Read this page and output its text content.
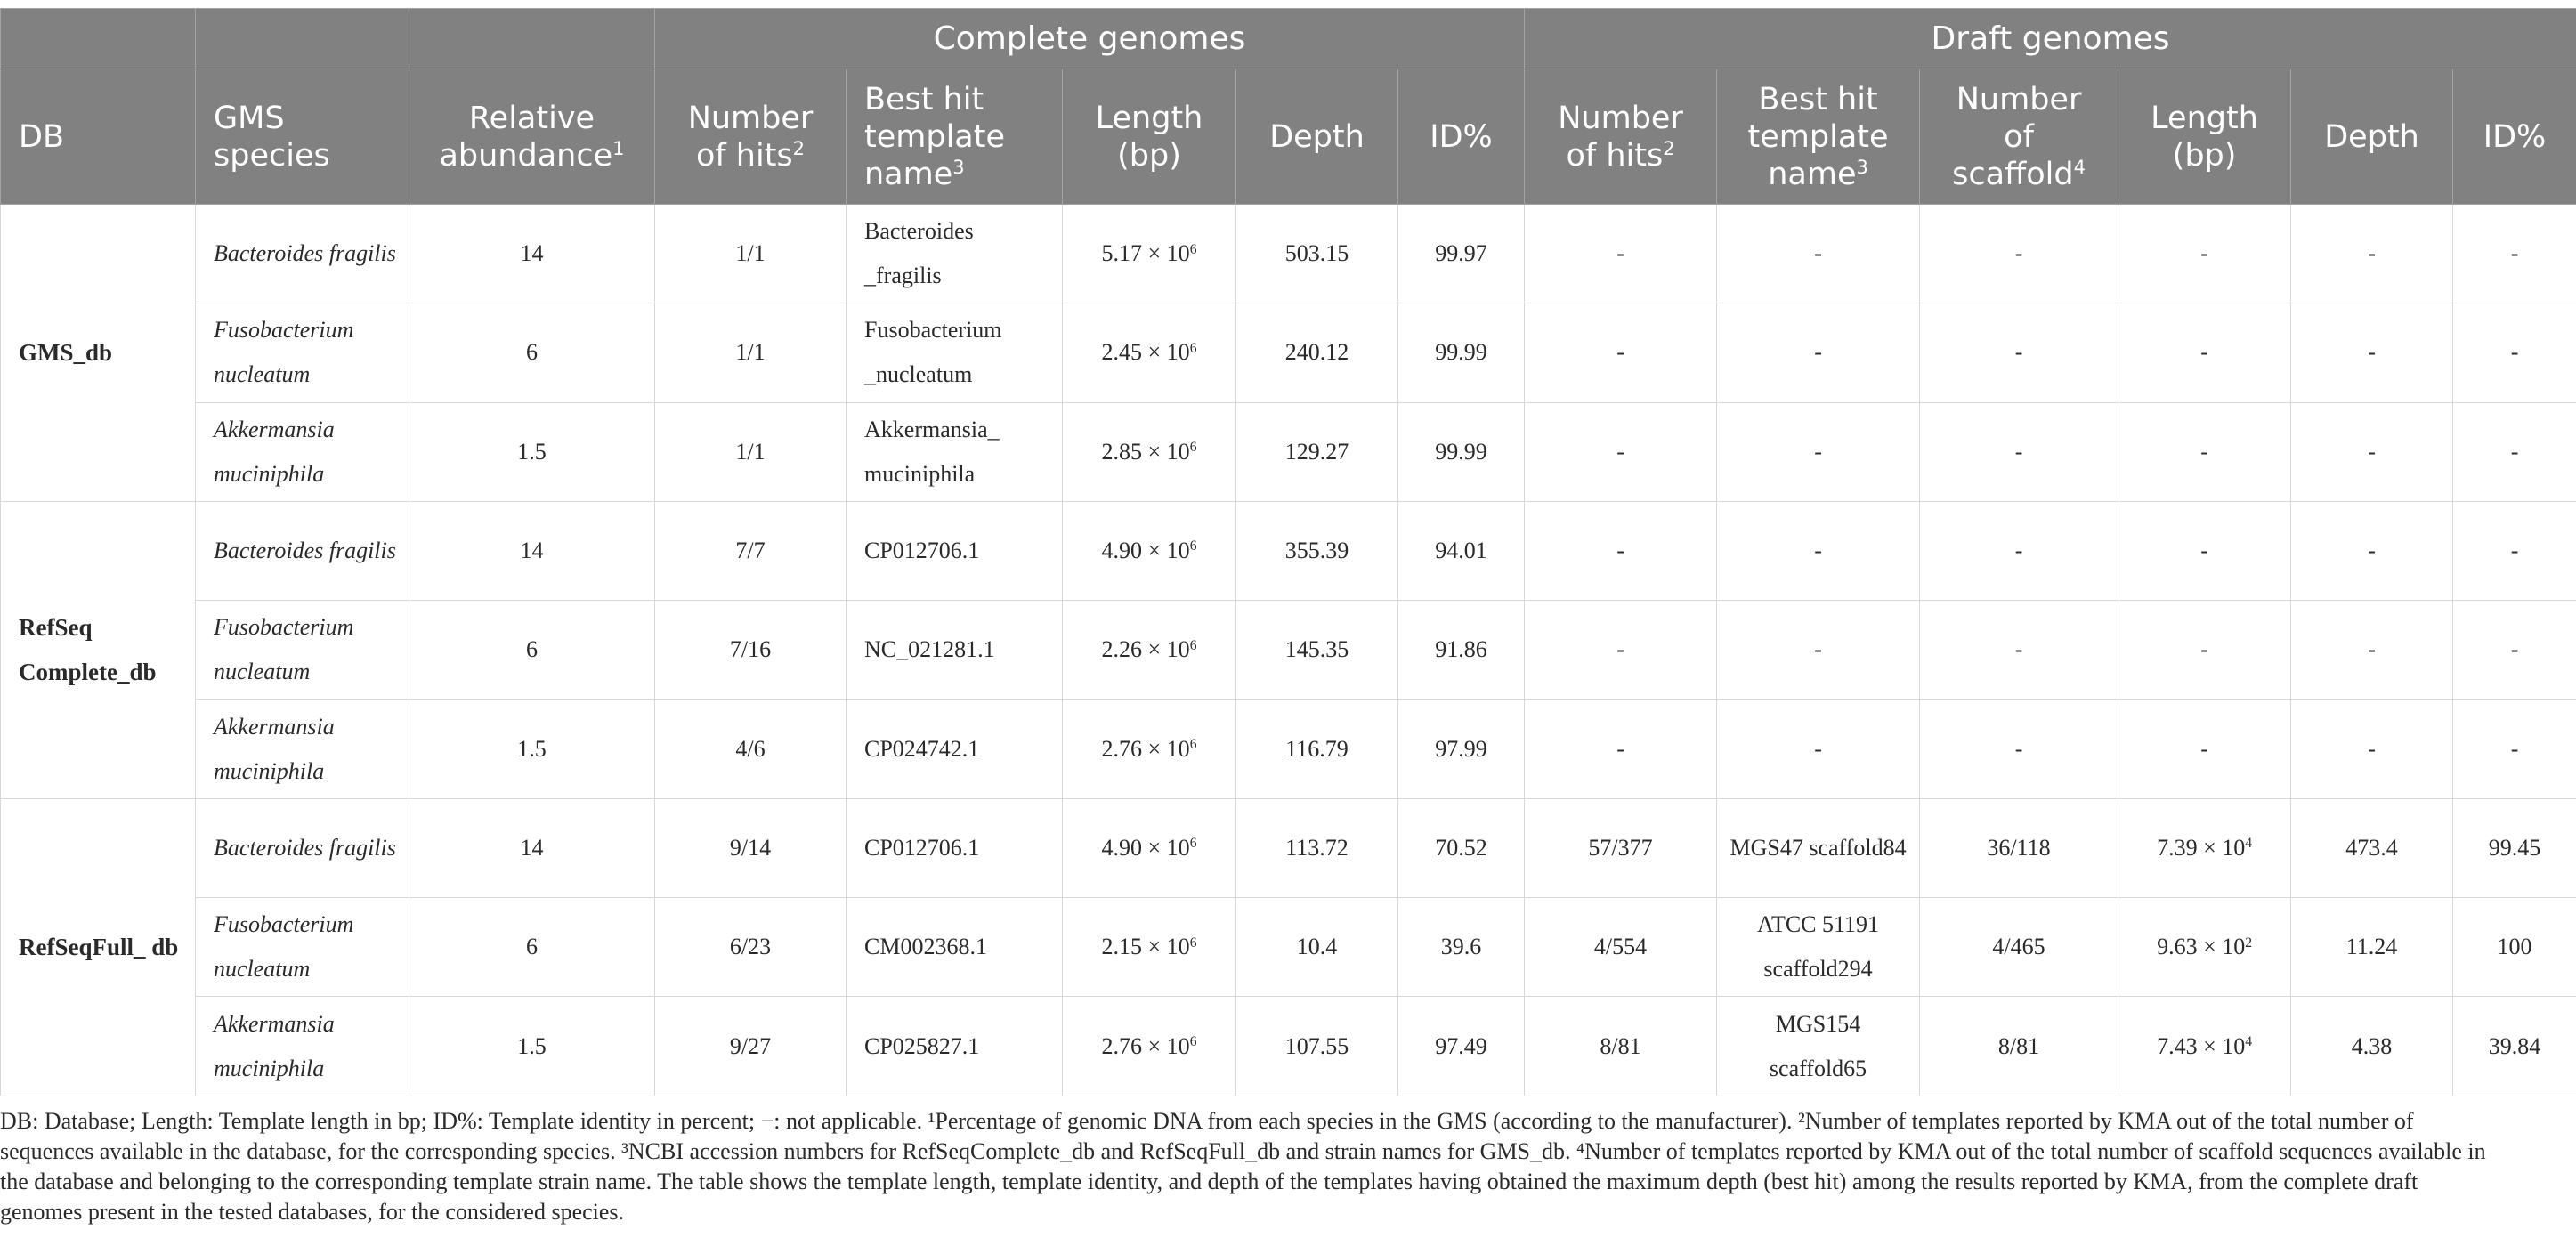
			Complete genomes					Draft genomes					
DB	GMS species	Relative abundance$^1$	Number of hits$^2$	Best hit template name$^3$	Length (bp)	Depth	ID%	Number of hits$^2$	Best hit template name$^3$	Number of scaffold$^4$	Length (bp)	Depth	ID%
GMS_db	Bacteroides fragilis	14	1/1	Bacteroides _fragilis	$5.17 \times 10^6$	503.15	99.97	-	-	-	-	-	-
	Fusobacterium nucleatum	6	1/1	Fusobacterium _nucleatum	$2.45 \times 10^6$	240.12	99.99	-	-	-	-	-	-
	Akkermansia muciniphila	1.5	1/1	Akkermansia_ muciniphila	$2.85 \times 10^6$	129.27	99.99	-	-	-	-	-	-
RefSeq Complete_db	Bacteroides fragilis	14	7/7	CP012706.1	$4.90 \times 10^6$	355.39	94.01	-	-	-	-	-	-
	Fusobacterium nucleatum	6	7/16	NC_021281.1	$2.26 \times 10^6$	145.35	91.86	-	-	-	-	-	-
	Akkermansia muciniphila	1.5	4/6	CP024742.1	$2.76 \times 10^6$	116.79	97.99	-	-	-	-	-	-
RefSeqFull_ db	Bacteroides fragilis	14	9/14	CP012706.1	$4.90 \times 10^6$	113.72	70.52	57/377	MGS47 scaffold84	36/118	$7.39 \times 10^4$	473.4	99.45
	Fusobacterium nucleatum	6	6/23	CM002368.1	$2.15 \times 10^6$	10.4	39.6	4/554	ATCC 51191 scaffold294	4/465	$9.63 \times 10^2$	11.24	100
	Akkermansia muciniphila	1.5	9/27	CP025827.1	$2.76 \times 10^6$	107.55	97.49	8/81	MGS154 scaffold65	8/81	$7.43 \times 10^4$	4.38	39.84
DB: Database; Length: Template length in bp; ID%: Template identity in percent; −: not applicable. ¹Percentage of genomic DNA from each species in the GMS (according to the manufacturer). ²Number of templates reported by KMA out of the total number of
sequences available in the database, for the corresponding species. ³NCBI accession numbers for RefSeqComplete_db and RefSeqFull_db and strain names for GMS_db. ⁴Number of templates reported by KMA out of the total number of scaffold sequences available in
the database and belonging to the corresponding template strain name. The table shows the template length, template identity, and depth of the templates having obtained the maximum depth (best hit) among the results reported by KMA, from the complete draft
genomes present in the tested databases, for the considered species.
